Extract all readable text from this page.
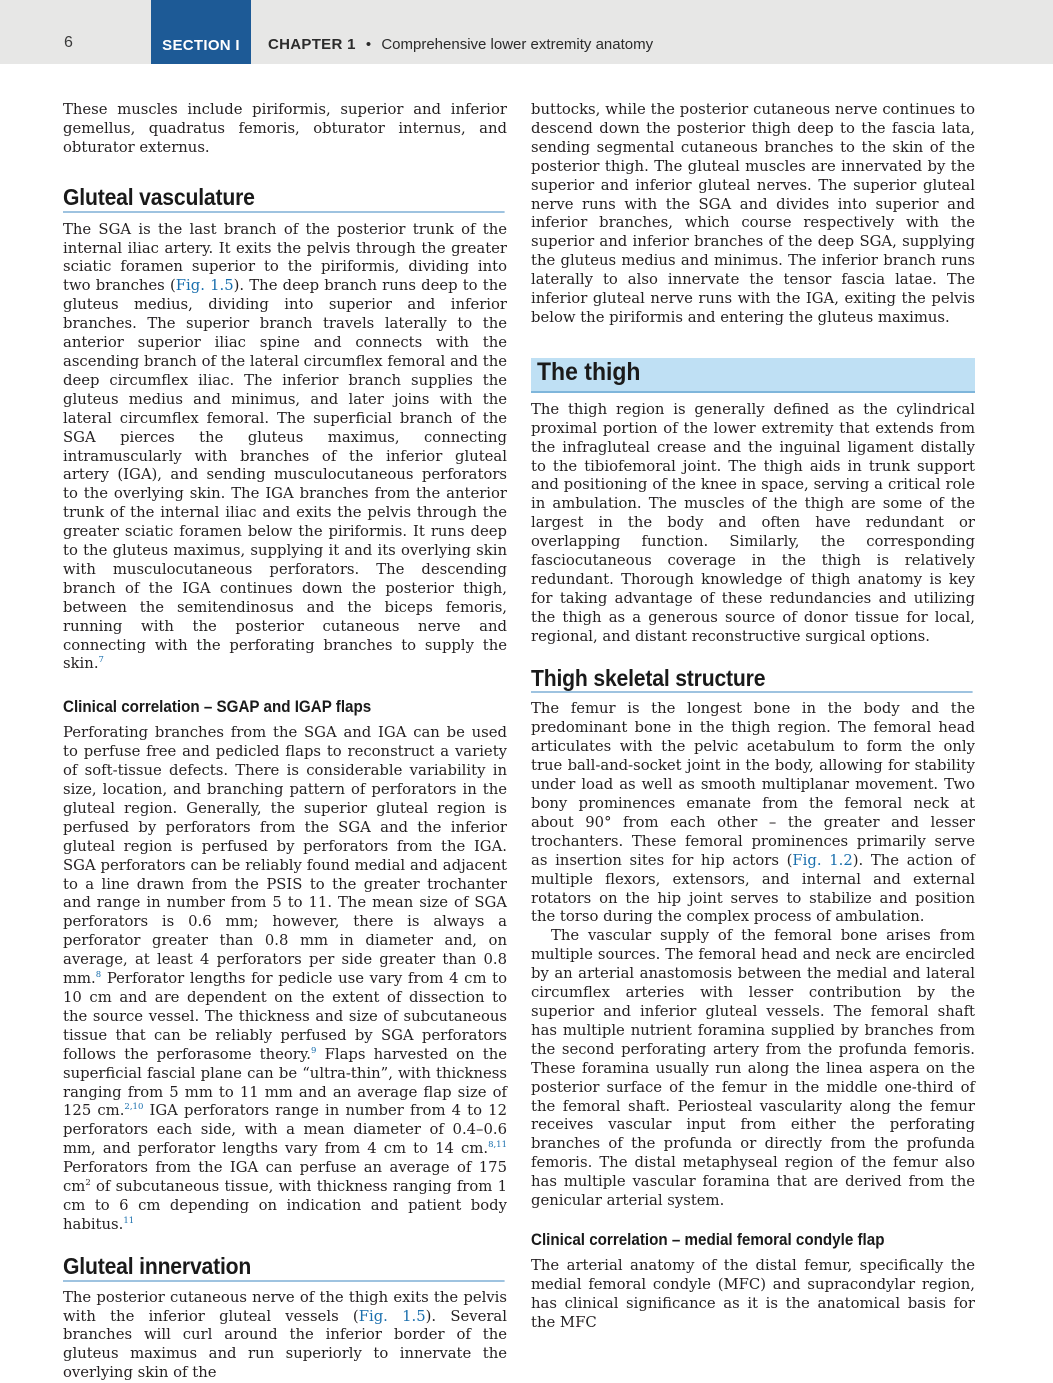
6	SECTION I CHAPTER 1 • Comprehensive lower extremity anatomy

These muscles include piriformis, superior and inferior gemellus, quadratus femoris, obturator internus, and obturator externus.

Gluteal vasculature

The SGA is the last branch of the posterior trunk of the internal iliac artery. It exits the pelvis through the greater sciatic foramen superior to the piriformis, dividing into two branches (Fig. 1.5). The deep branch runs deep to the gluteus medius, dividing into superior and inferior branches. The superior branch travels laterally to the anterior superior iliac spine and connects with the ascending branch of the lateral circumflex femoral and the deep circumflex iliac. The inferior branch supplies the gluteus medius and minimus, and later joins with the lateral circumflex femoral. The superficial branch of the SGA pierces the gluteus maximus, connecting intramuscularly with branches of the inferior gluteal artery (IGA), and sending musculocutaneous perforators to the overlying skin. The IGA branches from the anterior trunk of the internal iliac and exits the pelvis through the greater sciatic foramen below the piriformis. It runs deep to the gluteus maximus, supplying it and its overlying skin with musculocutaneous perforators. The descending branch of the IGA continues down the posterior thigh, between the semitendinosus and the biceps femoris, running with the posterior cutaneous nerve and connecting with the perforating branches to supply the skin.$^7$

Clinical correlation – SGAP and IGAP flaps

Perforating branches from the SGA and IGA can be used to perfuse free and pedicled flaps to reconstruct a variety of soft-tissue defects. There is considerable variability in size, location, and branching pattern of perforators in the gluteal region. Generally, the superior gluteal region is perfused by perforators from the SGA and the inferior gluteal region is perfused by perforators from the IGA. SGA perforators can be reliably found medial and adjacent to a line drawn from the PSIS to the greater trochanter and range in number from 5 to 11. The mean size of SGA perforators is 0.6 mm; however, there is always a perforator greater than 0.8 mm in diameter and, on average, at least 4 perforators per side greater than 0.8 mm.$^8$ Perforator lengths for pedicle use vary from 4 cm to 10 cm and are dependent on the extent of dissection to the source vessel. The thickness and size of subcutaneous tissue that can be reliably perfused by SGA perforators follows the perforasome theory.$^9$ Flaps harvested on the superficial fascial plane can be “ultra-thin”, with thickness ranging from 5 mm to 11 mm and an average flap size of 125 cm.$^{2,10}$ IGA perforators range in number from 4 to 12 perforators each side, with a mean diameter of 0.4–0.6 mm, and perforator lengths vary from 4 cm to 14 cm.$^{8,11}$ Perforators from the IGA can perfuse an average of 175 $cm^2$ of subcutaneous tissue, with thickness ranging from 1 cm to 6 cm depending on indication and patient body habitus.$^{11}$

Gluteal innervation

The posterior cutaneous nerve of the thigh exits the pelvis with the inferior gluteal vessels (Fig. 1.5). Several branches will curl around the inferior border of the gluteus maximus and run superiorly to innervate the overlying skin of the

buttocks, while the posterior cutaneous nerve continues to descend down the posterior thigh deep to the fascia lata, sending segmental cutaneous branches to the skin of the posterior thigh. The gluteal muscles are innervated by the superior and inferior gluteal nerves. The superior gluteal nerve runs with the SGA and divides into superior and inferior branches, which course respectively with the superior and inferior branches of the deep SGA, supplying the gluteus medius and minimus. The inferior branch runs laterally to also innervate the tensor fascia latae. The inferior gluteal nerve runs with the IGA, exiting the pelvis below the piriformis and entering the gluteus maximus.

The thigh

The thigh region is generally defined as the cylindrical proximal portion of the lower extremity that extends from the infragluteal crease and the inguinal ligament distally to the tibiofemoral joint. The thigh aids in trunk support and positioning of the knee in space, serving a critical role in ambulation. The muscles of the thigh are some of the largest in the body and often have redundant or overlapping function. Similarly, the corresponding fasciocutaneous coverage in the thigh is relatively redundant. Thorough knowledge of thigh anatomy is key for taking advantage of these redundancies and utilizing the thigh as a generous source of donor tissue for local, regional, and distant reconstructive surgical options.

Thigh skeletal structure

The femur is the longest bone in the body and the predominant bone in the thigh region. The femoral head articulates with the pelvic acetabulum to form the only true ball-and-socket joint in the body, allowing for stability under load as well as smooth multiplanar movement. Two bony prominences emanate from the femoral neck at about 90° from each other – the greater and lesser trochanters. These femoral prominences primarily serve as insertion sites for hip actors (Fig. 1.2). The action of multiple flexors, extensors, and internal and external rotators on the hip joint serves to stabilize and position the torso during the complex process of ambulation.

The vascular supply of the femoral bone arises from multiple sources. The femoral head and neck are encircled by an arterial anastomosis between the medial and lateral circumflex arteries with lesser contribution by the superior and inferior gluteal vessels. The femoral shaft has multiple nutrient foramina supplied by branches from the second perforating artery from the profunda femoris. These foramina usually run along the linea aspera on the posterior surface of the femur in the middle one-third of the femoral shaft. Periosteal vascularity along the femur receives vascular input from either the perforating branches of the profunda or directly from the profunda femoris. The distal metaphyseal region of the femur also has multiple vascular foramina that are derived from the genicular arterial system.

Clinical correlation – medial femoral condyle flap

The arterial anatomy of the distal femur, specifically the medial femoral condyle (MFC) and supracondylar region, has clinical significance as it is the anatomical basis for the MFC
